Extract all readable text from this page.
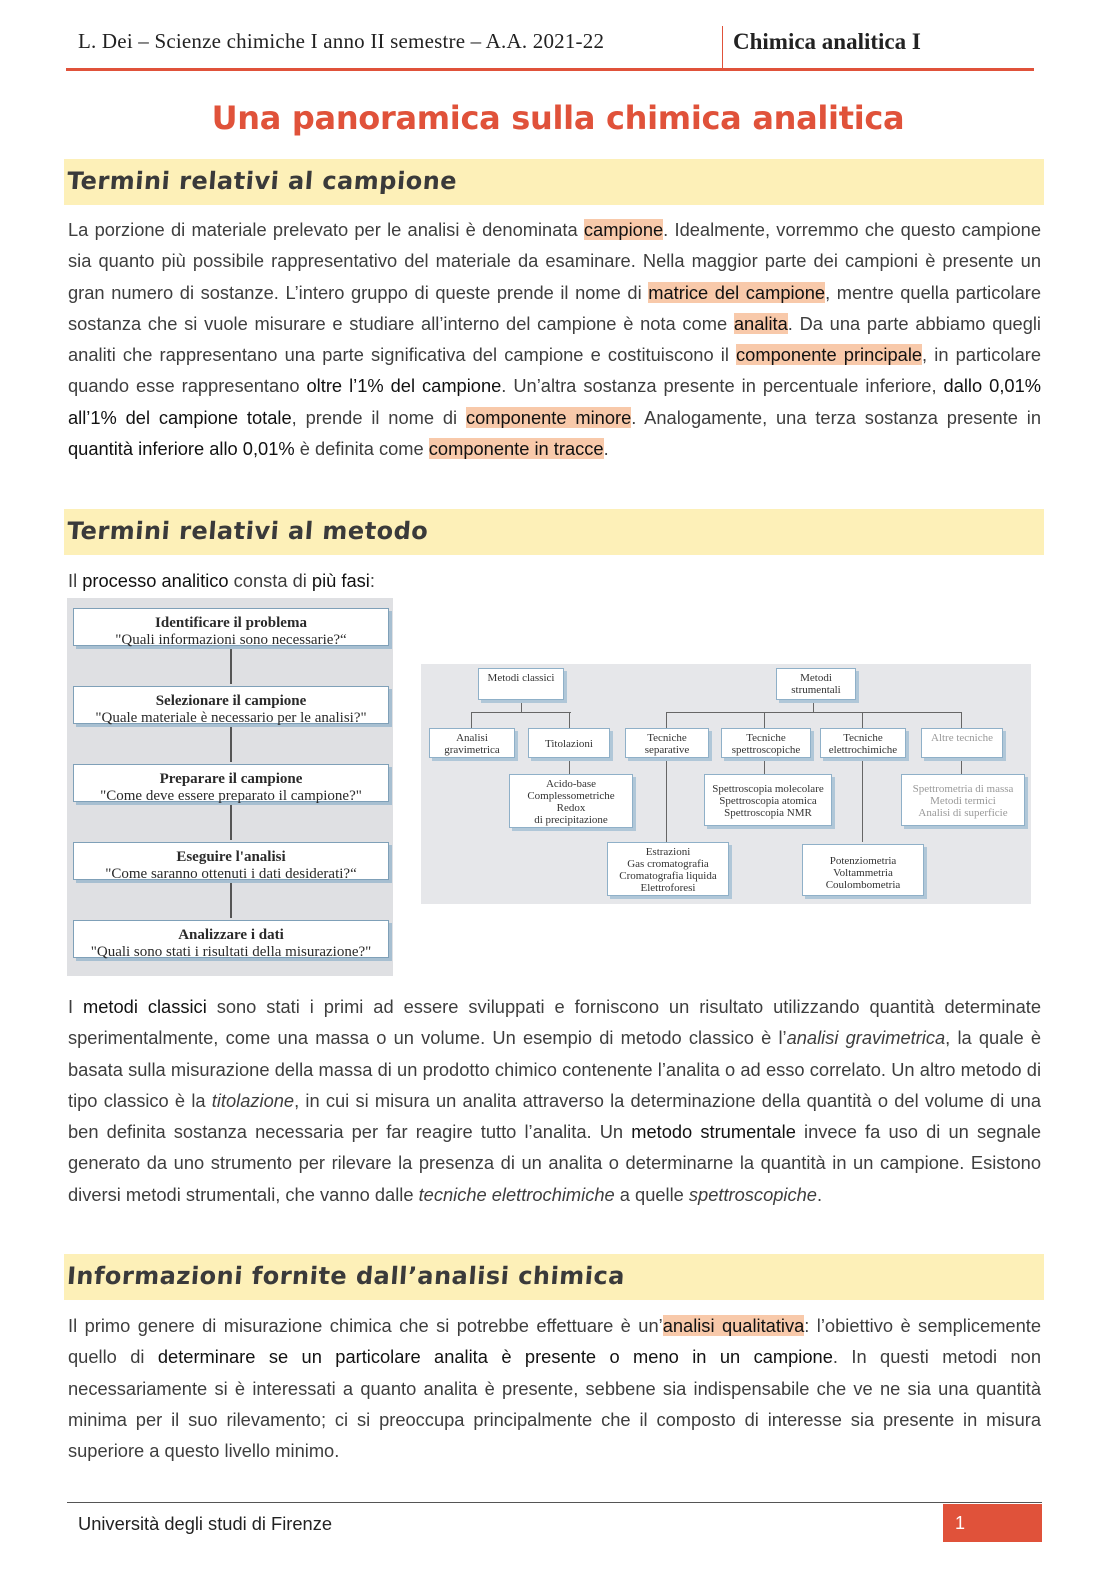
L. Dei – Scienze chimiche I anno II semestre – A.A. 2021-22	Chimica analitica I
Una panoramica sulla chimica analitica
Termini relativi al campione

La porzione di materiale prelevato per le analisi è denominata campione. Idealmente, vorremmo che questo campione sia quanto più possibile rappresentativo del materiale da esaminare. Nella maggior parte dei campioni è presente un gran numero di sostanze. L’intero gruppo di queste prende il nome di matrice del campione, mentre quella particolare sostanza che si vuole misurare e studiare all’interno del campione è nota come analita. Da una parte abbiamo quegli analiti che rappresentano una parte significativa del campione e costituiscono il componente principale, in particolare quando esse rappresentano oltre l’1% del campione. Un’altra sostanza presente in percentuale inferiore, dallo 0,01% all’1% del campione totale, prende il nome di componente minore. Analogamente, una terza sostanza presente in quantità inferiore allo 0,01% è definita come componente in tracce.

Termini relativi al metodo

Il processo analitico consta di più fasi:

Identificare il problema
"Quali informazioni sono necessarie?“
Selezionare il campione
"Quale materiale è necessario per le analisi?"
Preparare il campione
"Come deve essere preparato il campione?"
Eseguire l'analisi
"Come saranno ottenuti i dati desiderati?“
Analizzare i dati
"Quali sono stati i risultati della misurazione?"
Metodi classici	Metodi strumentali
Analisi gravimetrica	Titolazioni
Acido-base
Complessometriche
Redox
di precipitazione
Tecniche separative
Tecniche spettroscopiche
Tecniche elettrochimiche
Altre tecniche
Spettroscopia molecolare
Spettroscopia atomica
Spettroscopia NMR
Spettrometria di massa
Metodi termici
Analisi di superficie
Estrazioni
Gas cromatografia
Cromatografia liquida
Elettroforesi
Potenziometria
Voltammetria
Coulombometria

I metodi classici sono stati i primi ad essere sviluppati e forniscono un risultato utilizzando quantità determinate sperimentalmente, come una massa o un volume. Un esempio di metodo classico è l’analisi gravimetrica, la quale è basata sulla misurazione della massa di un prodotto chimico contenente l’analita o ad esso correlato. Un altro metodo di tipo classico è la titolazione, in cui si misura un analita attraverso la determinazione della quantità o del volume di una ben definita sostanza necessaria per far reagire tutto l’analita. Un metodo strumentale invece fa uso di un segnale generato da uno strumento per rilevare la presenza di un analita o determinarne la quantità in un campione. Esistono diversi metodi strumentali, che vanno dalle tecniche elettrochimiche a quelle spettroscopiche.

Informazioni fornite dall’analisi chimica

Il primo genere di misurazione chimica che si potrebbe effettuare è un’analisi qualitativa: l’obiettivo è semplicemente quello di determinare se un particolare analita è presente o meno in un campione. In questi metodi non necessariamente si è interessati a quanto analita è presente, sebbene sia indispensabile che ve ne sia una quantità minima per il suo rilevamento; ci si preoccupa principalmente che il composto di interesse sia presente in misura superiore a questo livello minimo.

Università degli studi di Firenze	1
